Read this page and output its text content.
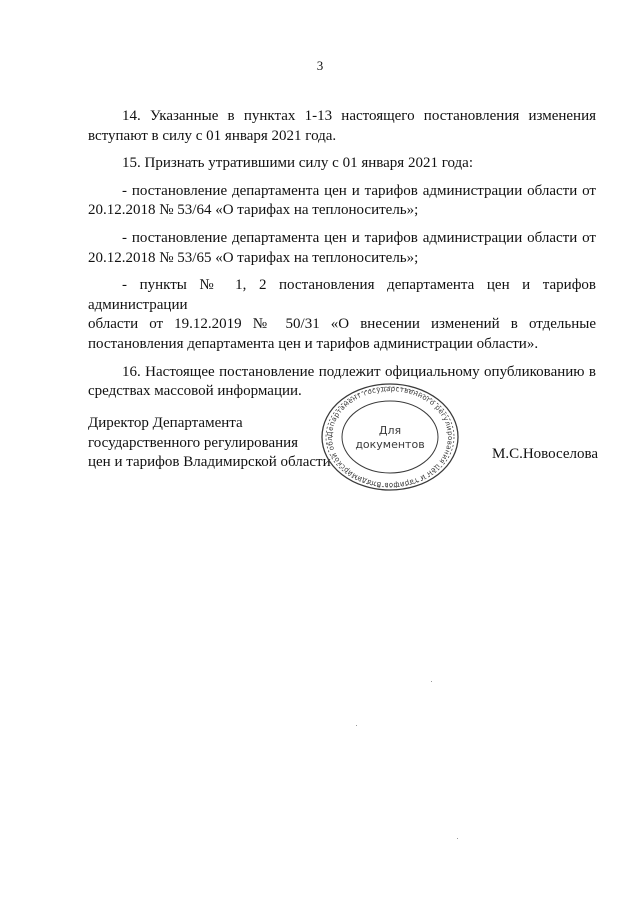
3
14. Указанные в пунктах 1-13 настоящего постановления изменения
вступают в силу с 01 января 2021 года.
15. Признать утратившими силу с 01 января 2021 года:
- постановление департамента цен и тарифов администрации области от
20.12.2018 № 53/64 «О тарифах на теплоноситель»;
- постановление департамента цен и тарифов администрации области от
20.12.2018 № 53/65 «О тарифах на теплоноситель»;
- пункты № 1, 2 постановления департамента цен и тарифов администрации
области от 19.12.2019 № 50/31 «О внесении изменений в отдельные
постановления департамента цен и тарифов администрации области».
16. Настоящее постановление подлежит официальному опубликованию в
средствах массовой информации.
Директор Департамента
государственного регулирования
цен и тарифов Владимирской области
М.С.Новоселова
Департамент государственного регулирования цен и тарифов Владимирской обл
Для
документов
